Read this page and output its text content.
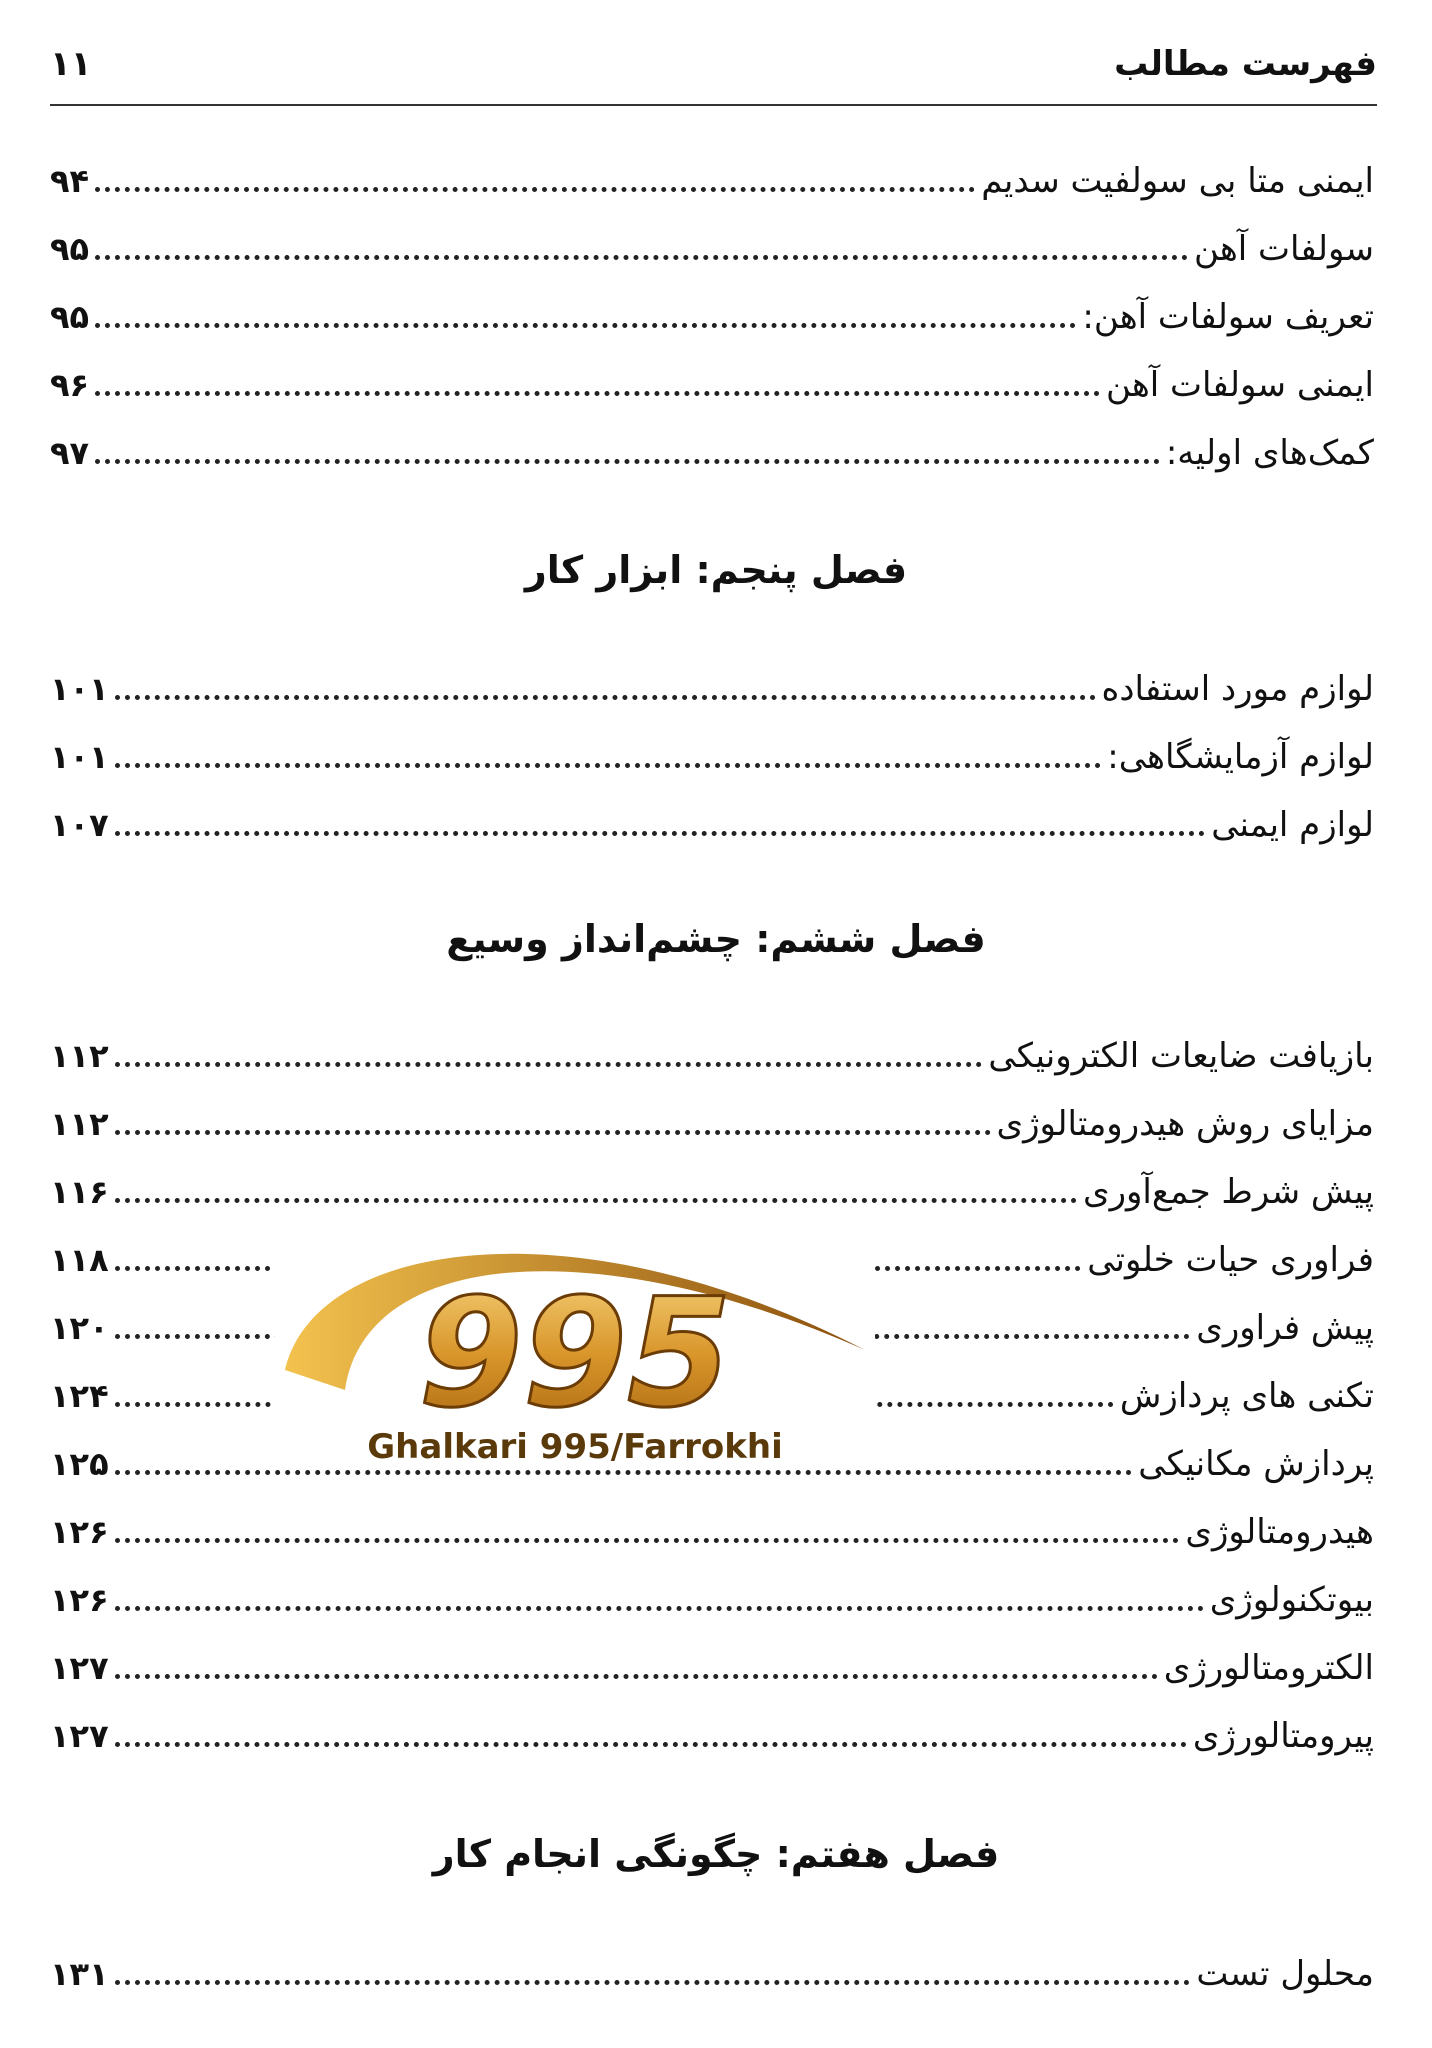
فهرست مطالب
۱۱
ایمنی متا بی سولفیت سدیم
۹۴
سولفات آهن
۹۵
تعریف سولفات آهن:
۹۵
ایمنی سولفات آهن
۹۶
کمک‌های اولیه:
۹۷
فصل پنجم: ابزار کار
لوازم مورد استفاده
۱۰۱
لوازم آزمایشگاهی:
۱۰۱
لوازم ایمنی
۱۰۷
فصل ششم: چشم‌انداز وسیع
بازیافت ضایعات الکترونیکی
۱۱۲
مزایای روش هیدرومتالوژی
۱۱۲
پیش شرط جمع‌آوری
۱۱۶
فراوری حیات خلوتی
۱۱۸
پیش فراوری
۱۲۰
تکنی های پردازش
۱۲۴
پردازش مکانیکی
۱۲۵
هیدرومتالوژی
۱۲۶
بیوتکنولوژی
۱۲۶
الکترومتالورژی
۱۲۷
پیرومتالورژی
۱۲۷
فصل هفتم: چگونگی انجام کار
محلول تست
۱۳۱
995
Ghalkari 995/Farrokhi
